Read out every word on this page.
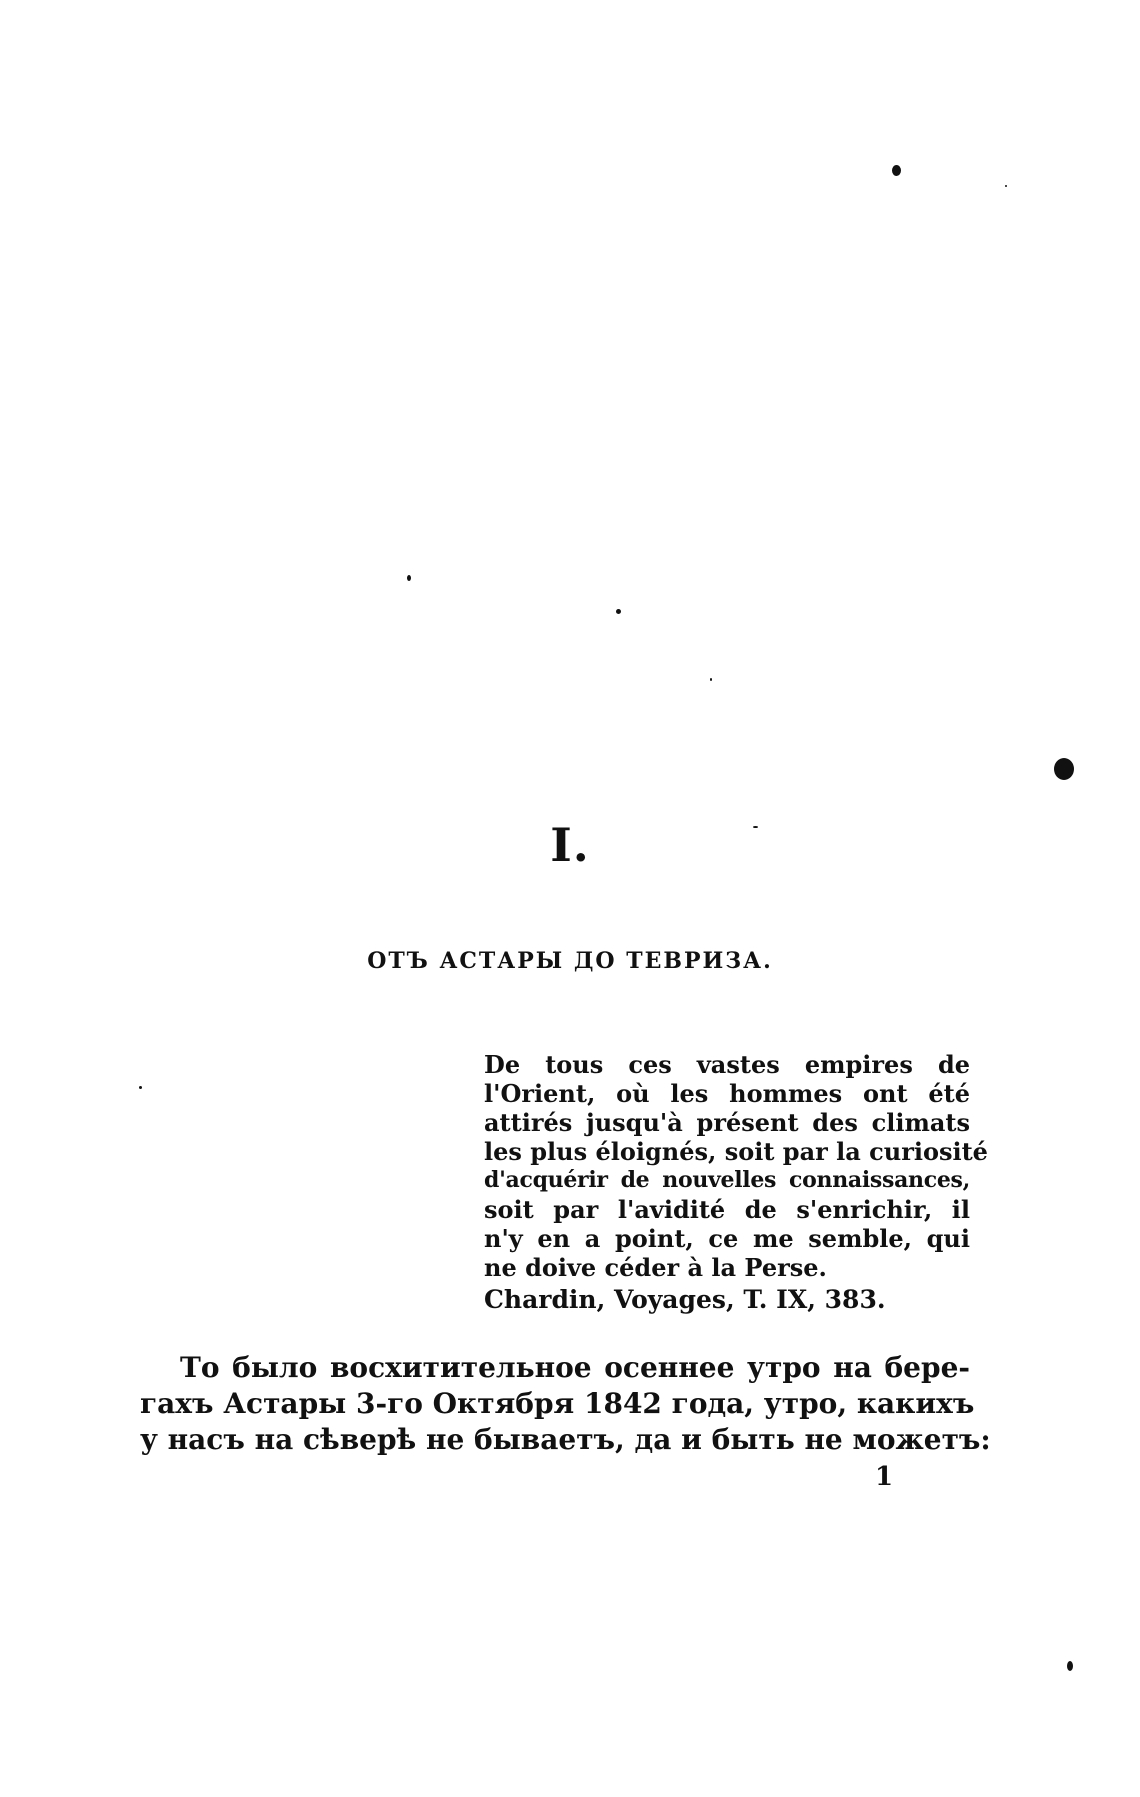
I.
ОТЪ АСТАРЫ ДО ТЕВРИЗА.
De tous ces vastes empires de
l'Orient, où les hommes ont été
attirés jusqu'à présent des climats
les plus éloignés, soit par la curiosité
d'acquérir de nouvelles connaissances,
soit par l'avidité de s'enrichir, il
n'y en a point, ce me semble, qui
ne doive céder à la Perse.
Chardin, Voyages, T. IX, 383.
То было восхитительное осеннее утро на бере-
гахъ Астары 3-го Октября 1842 года, утро, какихъ
у насъ на сѣверѣ не бываетъ, да и быть не можетъ:
1
